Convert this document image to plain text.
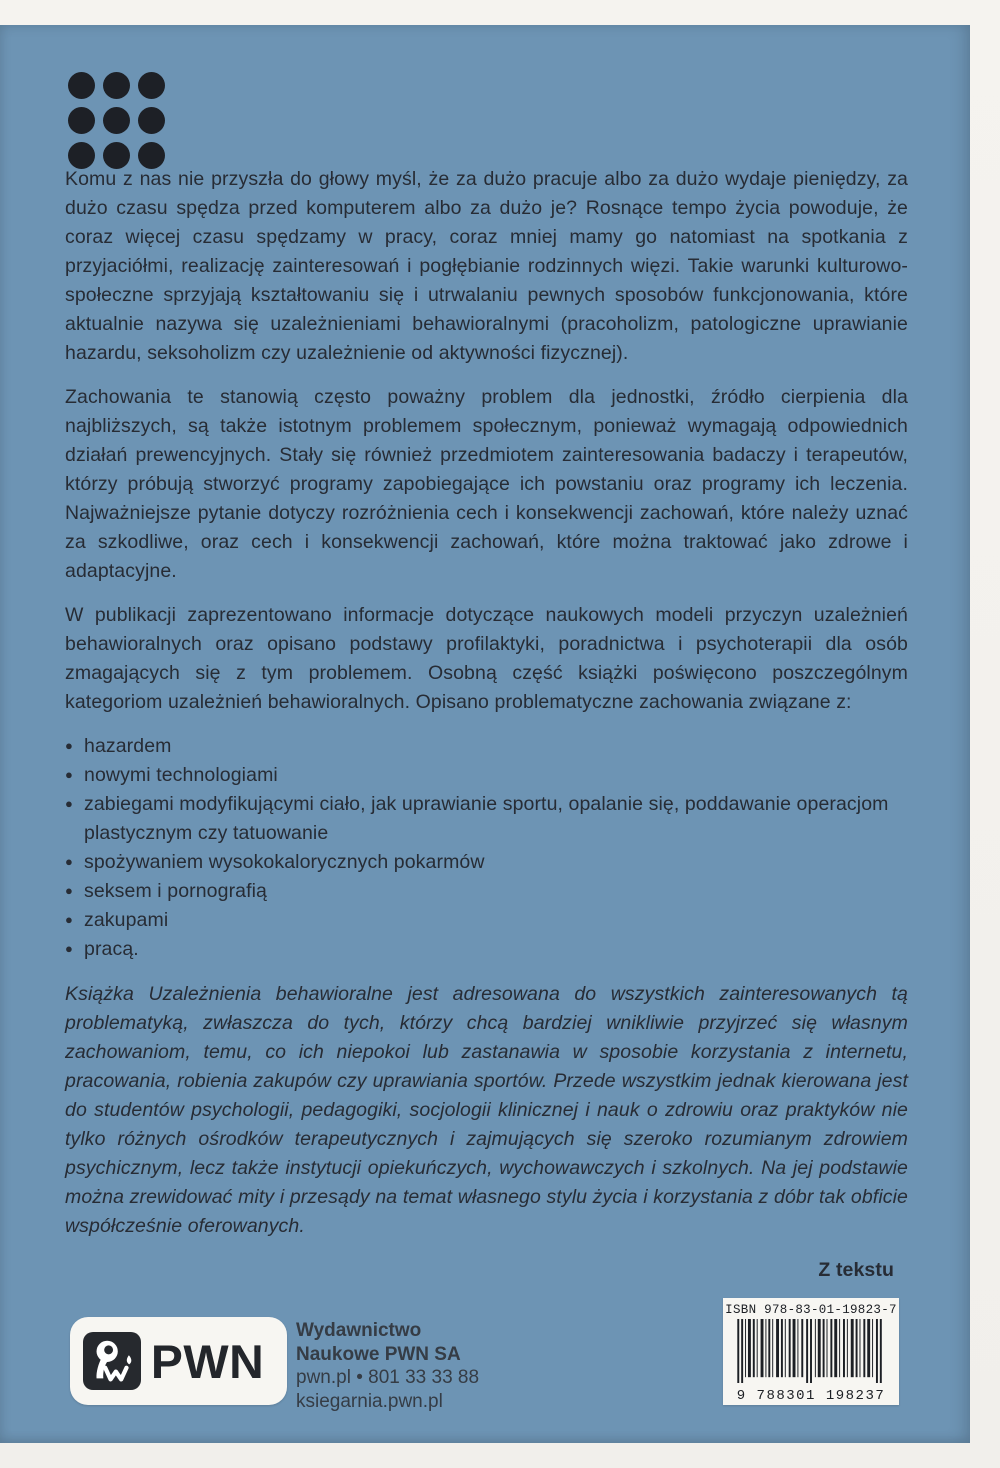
Komu z nas nie przyszła do głowy myśl, że za dużo pracuje albo za dużo wydaje pieniędzy, za dużo czasu spędza przed komputerem albo za dużo je? Rosnące tempo życia powoduje, że coraz więcej czasu spędzamy w pracy, coraz mniej mamy go natomiast na spotkania z przyjaciółmi, realizację zainteresowań i pogłębianie rodzinnych więzi. Takie warunki kulturowo-społeczne sprzyjają kształtowaniu się i utrwalaniu pewnych sposobów funkcjonowania, które aktualnie nazywa się uzależnieniami behawioralnymi (pracoholizm, patologiczne uprawianie hazardu, seksoholizm czy uzależnienie od aktywności fizycznej).

Zachowania te stanowią często poważny problem dla jednostki, źródło cierpienia dla najbliższych, są także istotnym problemem społecznym, ponieważ wymagają odpowiednich działań prewencyjnych. Stały się również przedmiotem zainteresowania badaczy i terapeutów, którzy próbują stworzyć programy zapobiegające ich powstaniu oraz programy ich leczenia. Najważniejsze pytanie dotyczy rozróżnienia cech i konsekwencji zachowań, które należy uznać za szkodliwe, oraz cech i konsekwencji zachowań, które można traktować jako zdrowe i adaptacyjne.

W publikacji zaprezentowano informacje dotyczące naukowych modeli przyczyn uzależnień behawioralnych oraz opisano podstawy profilaktyki, poradnictwa i psychoterapii dla osób zmagających się z tym problemem. Osobną część książki poświęcono poszczególnym kategoriom uzależnień behawioralnych. Opisano problematyczne zachowania związane z:

● hazardem
● nowymi technologiami
● zabiegami modyfikującymi ciało, jak uprawianie sportu, opalanie się, poddawanie operacjom plastycznym czy tatuowanie
● spożywaniem wysokokalorycznych pokarmów
● seksem i pornografią
● zakupami
● pracą.

Książka Uzależnienia behawioralne jest adresowana do wszystkich zainteresowanych tą problematyką, zwłaszcza do tych, którzy chcą bardziej wnikliwie przyjrzeć się własnym zachowaniom, temu, co ich niepokoi lub zastanawia w sposobie korzystania z internetu, pracowania, robienia zakupów czy uprawiania sportów. Przede wszystkim jednak kierowana jest do studentów psychologii, pedagogiki, socjologii klinicznej i nauk o zdrowiu oraz praktyków nie tylko różnych ośrodków terapeutycznych i zajmujących się szeroko rozumianym zdrowiem psychicznym, lecz także instytucji opiekuńczych, wychowawczych i szkolnych. Na jej podstawie można zrewidować mity i przesądy na temat własnego stylu życia i korzystania z dóbr tak obficie współcześnie oferowanych.

Z tekstu

PWN
Wydawnictwo
Naukowe PWN SA
pwn.pl • 801 33 33 88
ksiegarnia.pwn.pl
ISBN 978-83-01-19823-7
9 788301 198237
